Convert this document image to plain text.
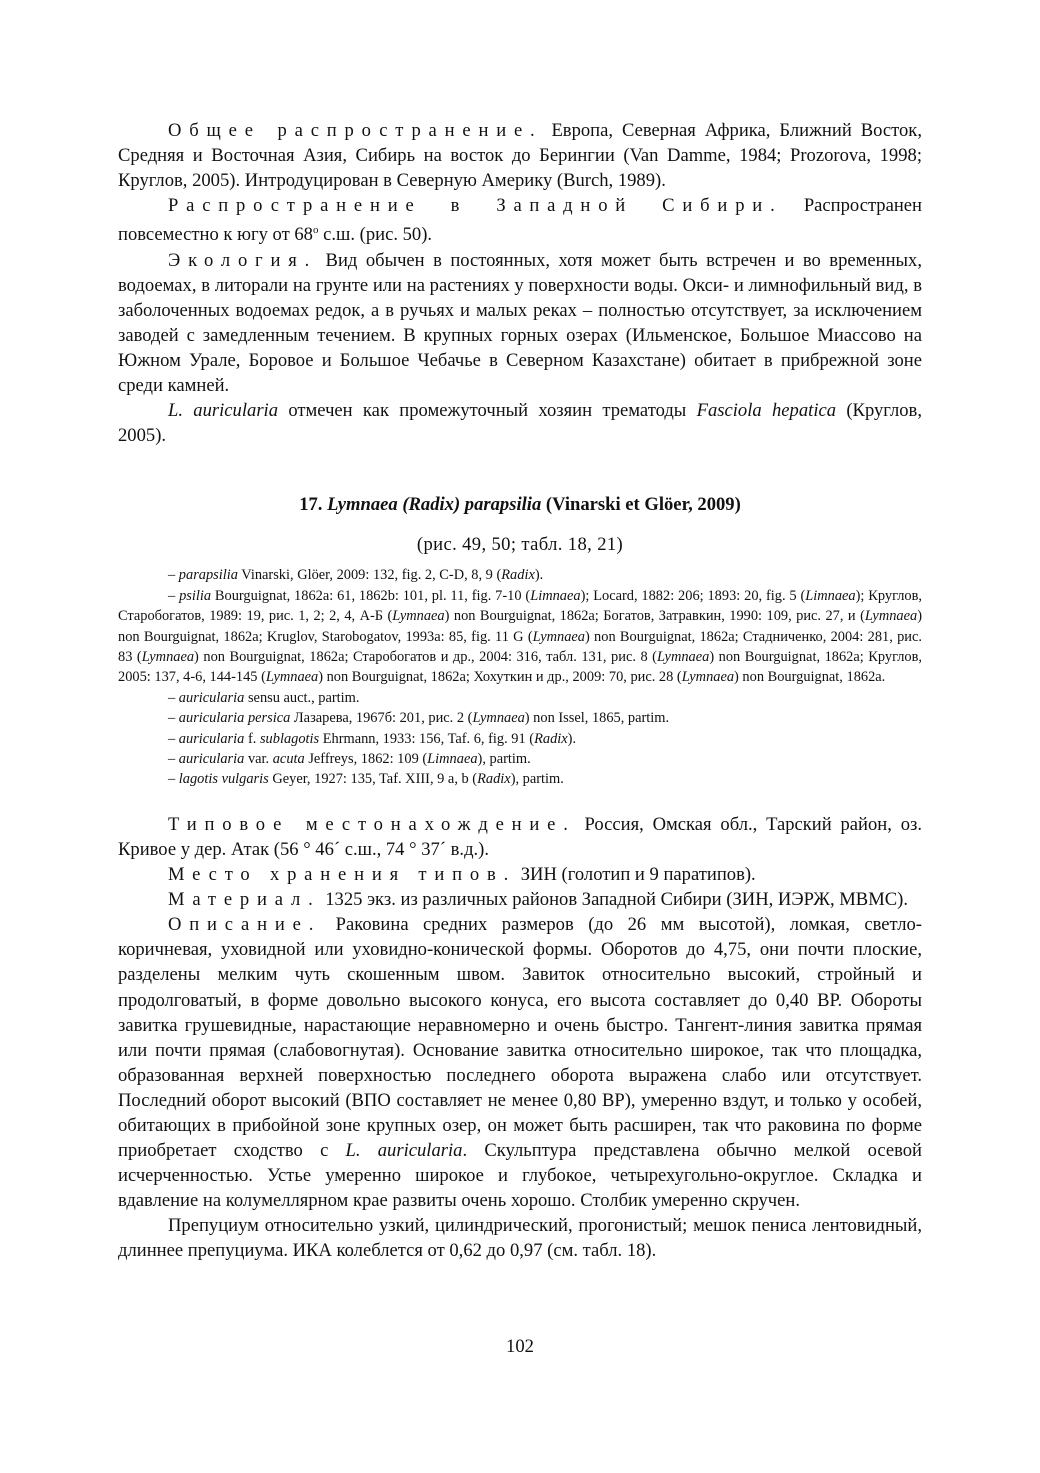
Общее распространение. Европа, Северная Африка, Ближний Восток, Средняя и Восточная Азия, Сибирь на восток до Берингии (Van Damme, 1984; Prozorova, 1998; Круглов, 2005). Интродуцирован в Северную Америку (Burch, 1989).

Распространение в Западной Сибири. Распространен повсеместно к югу от $68^о$ с.ш. (рис. 50).

Экология. Вид обычен в постоянных, хотя может быть встречен и во временных, водоемах, в литорали на грунте или на растениях у поверхности воды. Окси- и лимнофильный вид, в заболоченных водоемах редок, а в ручьях и малых реках – полностью отсутствует, за исключением заводей с замедленным течением. В крупных горных озерах (Ильменское, Большое Миассово на Южном Урале, Боровое и Большое Чебачье в Северном Казахстане) обитает в прибрежной зоне среди камней.

L. auricularia отмечен как промежуточный хозяин трематоды Fasciola hepatica (Круглов, 2005).

17. Lymnaea (Radix) parapsilia (Vinarski et Glöer, 2009)

(рис. 49, 50; табл. 18, 21)

– parapsilia Vinarski, Glöer, 2009: 132, fig. 2, C-D, 8, 9 (Radix).

– psilia Bourguignat, 1862a: 61, 1862b: 101, pl. 11, fig. 7-10 (Limnaea); Locard, 1882: 206; 1893: 20, fig. 5 (Limnaea); Круглов, Старобогатов, 1989: 19, рис. 1, 2; 2, 4, А-Б (Lymnaea) non Bourguignat, 1862a; Богатов, Затравкин, 1990: 109, рис. 27, и (Lymnaea) non Bourguignat, 1862a; Kruglov, Starobogatov, 1993a: 85, fig. 11 G (Lymnaea) non Bourguignat, 1862a; Стадниченко, 2004: 281, рис. 83 (Lymnaea) non Bourguignat, 1862a; Старобогатов и др., 2004: 316, табл. 131, рис. 8 (Lymnaea) non Bourguignat, 1862a; Круглов, 2005: 137, 4-6, 144-145 (Lymnaea) non Bourguignat, 1862a; Хохуткин и др., 2009: 70, рис. 28 (Lymnaea) non Bourguignat, 1862a.

– auricularia sensu auct., partim.

– auricularia persica Лазарева, 1967б: 201, рис. 2 (Lymnaea) non Issel, 1865, partim.

– auricularia f. sublagotis Ehrmann, 1933: 156, Taf. 6, fig. 91 (Radix).

– auricularia var. acuta Jeffreys, 1862: 109 (Limnaea), partim.

– lagotis vulgaris Geyer, 1927: 135, Taf. XIII, 9 a, b (Radix), partim.

Типовое местонахождение. Россия, Омская обл., Тарский район, оз. Кривое у дер. Атак (56 ° 46´ с.ш., 74 ° 37´ в.д.).

Место хранения типов. ЗИН (голотип и 9 паратипов).

Материал. 1325 экз. из различных районов Западной Сибири (ЗИН, ИЭРЖ, МВМС).

Описание. Раковина средних размеров (до 26 мм высотой), ломкая, светло-коричневая, уховидной или уховидно-конической формы. Оборотов до 4,75, они почти плоские, разделены мелким чуть скошенным швом. Завиток относительно высокий, стройный и продолговатый, в форме довольно высокого конуса, его высота составляет до 0,40 ВР. Обороты завитка грушевидные, нарастающие неравномерно и очень быстро. Тангент-линия завитка прямая или почти прямая (слабовогнутая). Основание завитка относительно широкое, так что площадка, образованная верхней поверхностью последнего оборота выражена слабо или отсутствует. Последний оборот высокий (ВПО составляет не менее 0,80 ВР), умеренно вздут, и только у особей, обитающих в прибойной зоне крупных озер, он может быть расширен, так что раковина по форме приобретает сходство с L. auricularia. Скульптура представлена обычно мелкой осевой исчерченностью. Устье умеренно широкое и глубокое, четырехугольно-округлое. Складка и вдавление на колумеллярном крае развиты очень хорошо. Столбик умеренно скручен.

Препуциум относительно узкий, цилиндрический, прогонистый; мешок пениса лентовидный, длиннее препуциума. ИКА колеблется от 0,62 до 0,97 (см. табл. 18).

102
